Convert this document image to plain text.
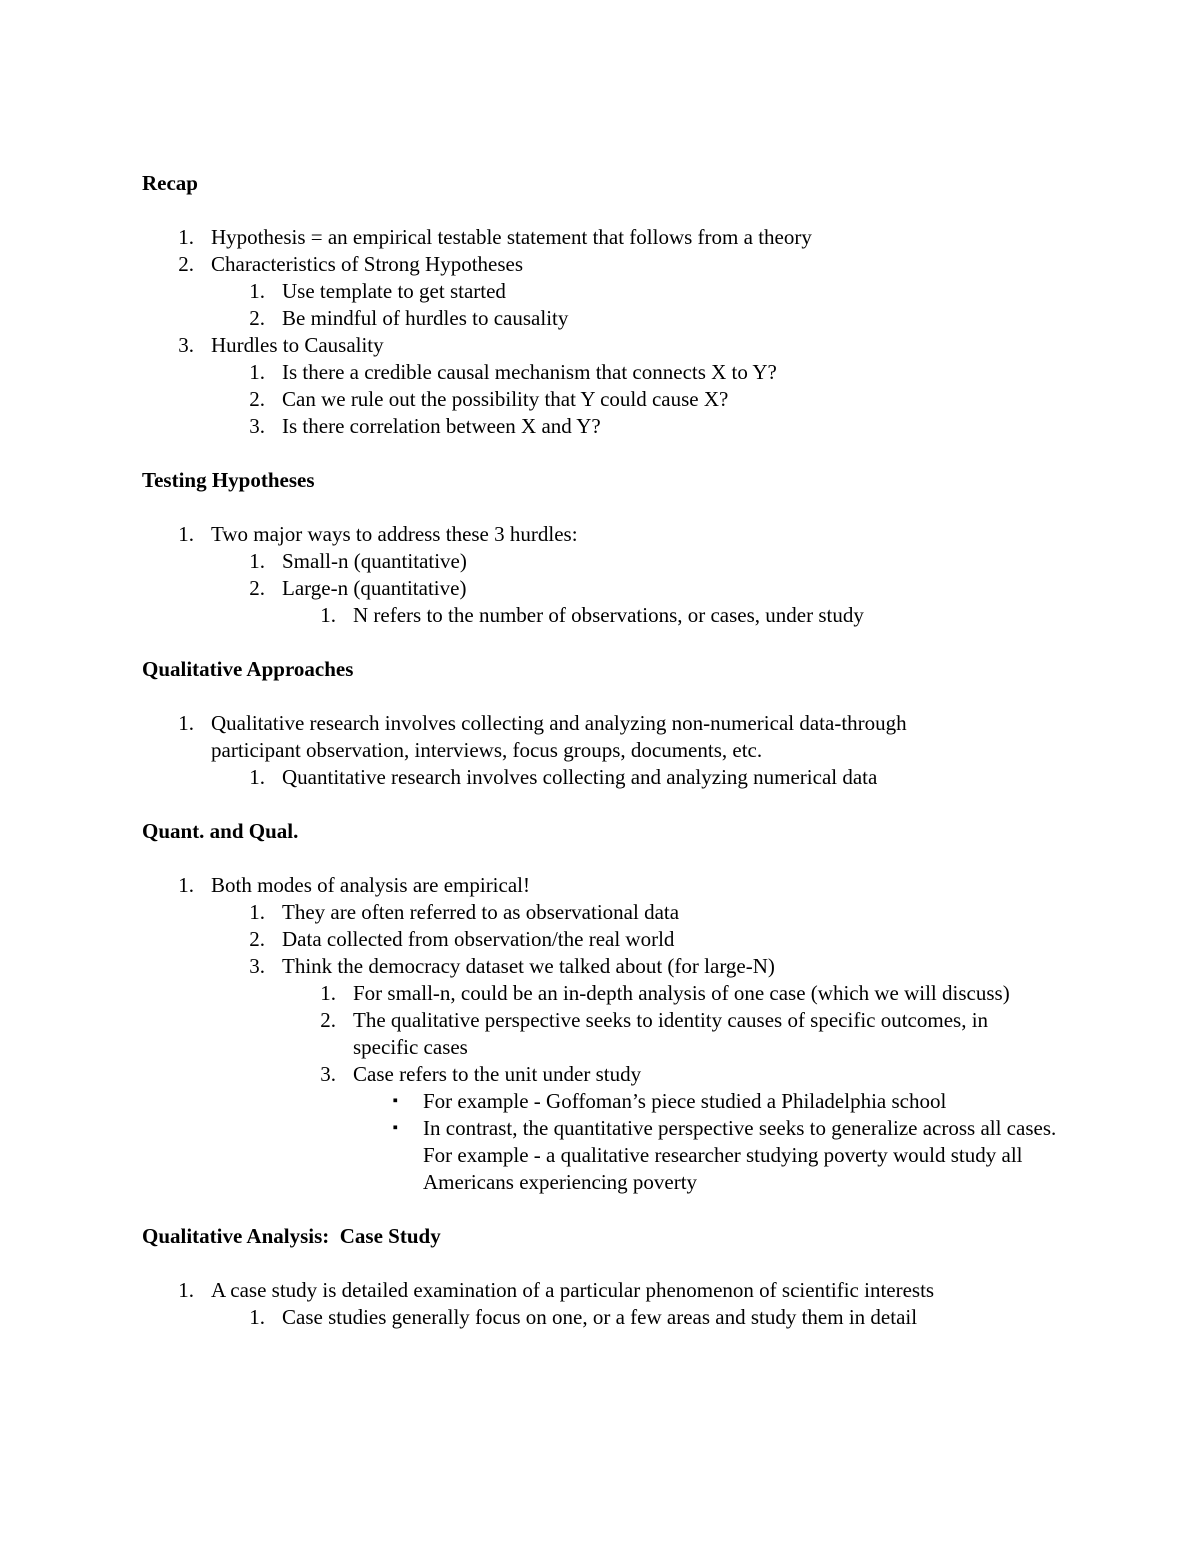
Recap
1. Hypothesis = an empirical testable statement that follows from a theory
2. Characteristics of Strong Hypotheses
1. Use template to get started
2. Be mindful of hurdles to causality
3. Hurdles to Causality
1. Is there a credible causal mechanism that connects X to Y?
2. Can we rule out the possibility that Y could cause X?
3. Is there correlation between X and Y?
Testing Hypotheses
1. Two major ways to address these 3 hurdles:
1. Small-n (quantitative)
2. Large-n (quantitative)
1. N refers to the number of observations, or cases, under study
Qualitative Approaches
1. Qualitative research involves collecting and analyzing non-numerical data-through participant observation, interviews, focus groups, documents, etc.
1. Quantitative research involves collecting and analyzing numerical data
Quant. and Qual.
1. Both modes of analysis are empirical!
1. They are often referred to as observational data
2. Data collected from observation/the real world
3. Think the democracy dataset we talked about (for large-N)
1. For small-n, could be an in-depth analysis of one case (which we will discuss)
2. The qualitative perspective seeks to identity causes of specific outcomes, in specific cases
3. Case refers to the unit under study
▪ For example - Goffoman’s piece studied a Philadelphia school
▪ In contrast, the quantitative perspective seeks to generalize across all cases. For example - a qualitative researcher studying poverty would study all Americans experiencing poverty
Qualitative Analysis:  Case Study
1. A case study is detailed examination of a particular phenomenon of scientific interests
1. Case studies generally focus on one, or a few areas and study them in detail
